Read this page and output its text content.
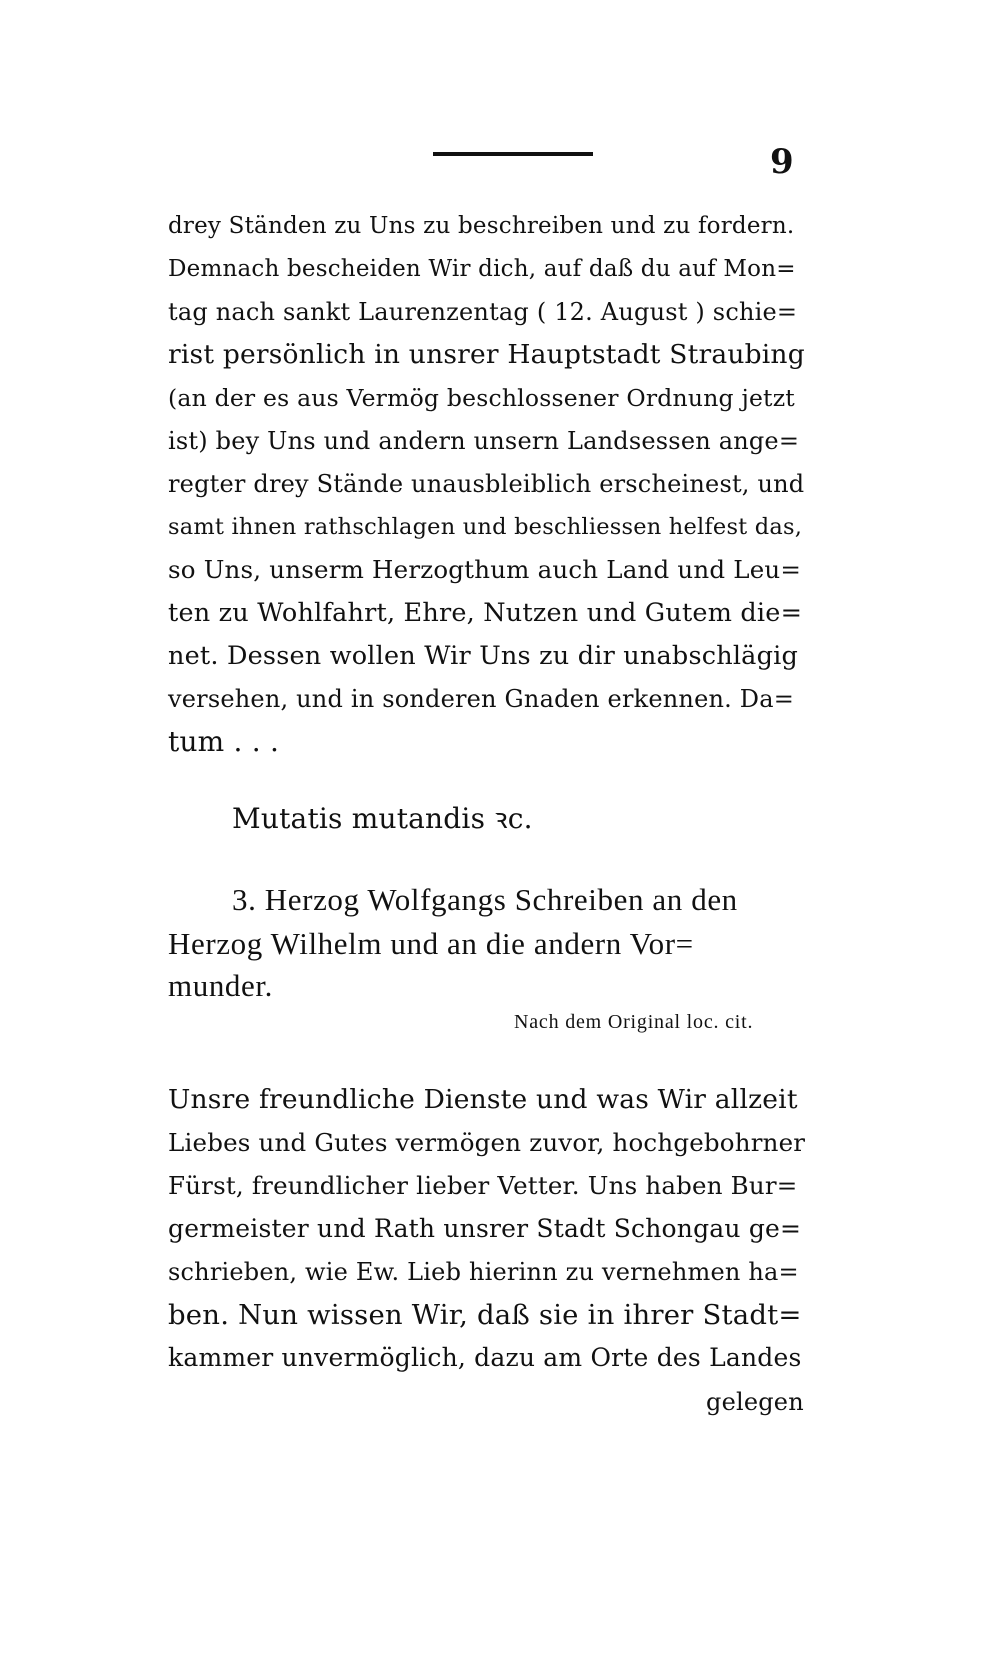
9
drey Ständen zu Uns zu beschreiben und zu fordern.
Demnach bescheiden Wir dich, auf daß du auf Mon=
tag nach sankt Laurenzentag ( 12. August ) schie=
rist persönlich in unsrer Hauptstadt Straubing
(an der es aus Vermög beschlossener Ordnung jetzt
ist) bey Uns und andern unsern Landsessen ange=
regter drey Stände unausbleiblich erscheinest, und
samt ihnen rathschlagen und beschliessen helfest das,
so Uns, unserm Herzogthum auch Land und Leu=
ten zu Wohlfahrt, Ehre, Nutzen und Gutem die=
net. Dessen wollen Wir Uns zu dir unabschlägig
versehen, und in sonderen Gnaden erkennen. Da=
tum . . .
Mutatis mutandis ꝛc.
3. Herzog Wolfgangs Schreiben an den
Herzog Wilhelm und an die andern Vor=
munder.
Nach dem Original loc. cit.
Unsre freundliche Dienste und was Wir allzeit
Liebes und Gutes vermögen zuvor, hochgebohrner
Fürst, freundlicher lieber Vetter. Uns haben Bur=
germeister und Rath unsrer Stadt Schongau ge=
schrieben, wie Ew. Lieb hierinn zu vernehmen ha=
ben. Nun wissen Wir, daß sie in ihrer Stadt=
kammer unvermöglich, dazu am Orte des Landes
gelegen
